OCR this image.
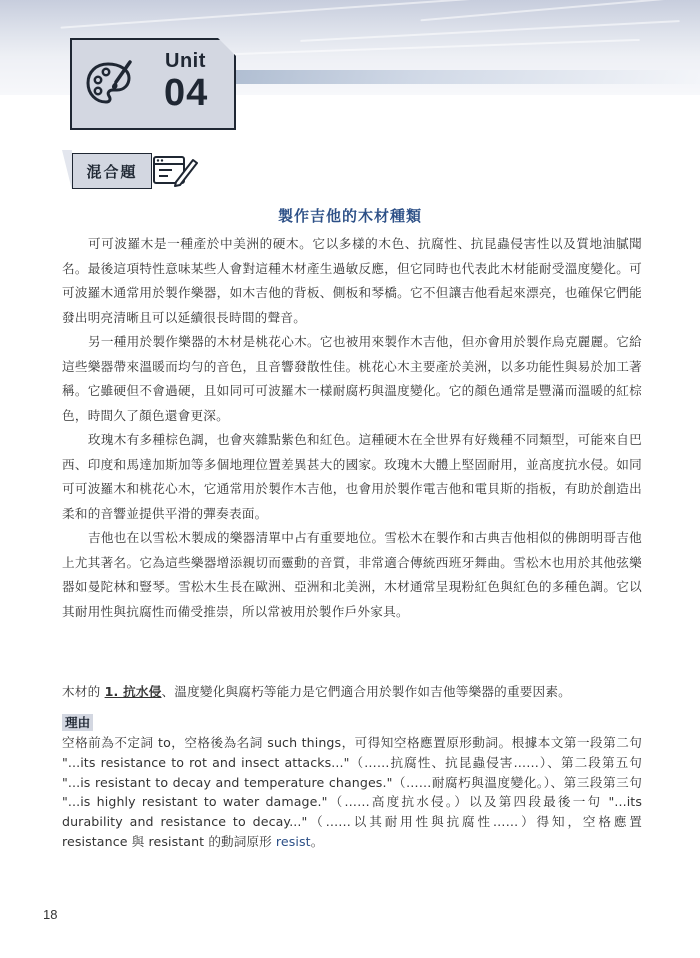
Unit
04
混合題
製作吉他的木材種類

可可波羅木是一種產於中美洲的硬木。它以多樣的木色、抗腐性、抗昆蟲侵害性以及質地油膩聞名。最後這項特性意味某些人會對這種木材產生過敏反應，但它同時也代表此木材能耐受溫度變化。可可波羅木通常用於製作樂器，如木吉他的背板、側板和琴橋。它不但讓吉他看起來漂亮，也確保它們能發出明亮清晰且可以延續很長時間的聲音。

另一種用於製作樂器的木材是桃花心木。它也被用來製作木吉他，但亦會用於製作烏克麗麗。它給這些樂器帶來溫暖而均勻的音色，且音響發散性佳。桃花心木主要產於美洲，以多功能性與易於加工著稱。它雖硬但不會過硬，且如同可可波羅木一樣耐腐朽與溫度變化。它的顏色通常是豐滿而溫暖的紅棕色，時間久了顏色還會更深。

玫瑰木有多種棕色調，也會夾雜點紫色和紅色。這種硬木在全世界有好幾種不同類型，可能來自巴西、印度和馬達加斯加等多個地理位置差異甚大的國家。玫瑰木大體上堅固耐用，並高度抗水侵。如同可可波羅木和桃花心木，它通常用於製作木吉他，也會用於製作電吉他和電貝斯的指板，有助於創造出柔和的音響並提供平滑的彈奏表面。

吉他也在以雪松木製成的樂器清單中占有重要地位。雪松木在製作和古典吉他相似的佛朗明哥吉他上尤其著名。它為這些樂器增添親切而靈動的音質，非常適合傳統西班牙舞曲。雪松木也用於其他弦樂器如曼陀林和豎琴。雪松木生長在歐洲、亞洲和北美洲，木材通常呈現粉紅色與紅色的多種色調。它以其耐用性與抗腐性而備受推崇，所以常被用於製作戶外家具。

木材的 1. 抗水侵、溫度變化與腐朽等能力是它們適合用於製作如吉他等樂器的重要因素。
理由

空格前為不定詞 to，空格後為名詞 such things，可得知空格應置原形動詞。根據本文第一段第二句 "...its resistance to rot and insect attacks..."（……抗腐性、抗昆蟲侵害……）、第二段第五句 "...is resistant to decay and temperature changes."（……耐腐朽與溫度變化。）、第三段第三句 "...is highly resistant to water damage."（……高度抗水侵。）以及第四段最後一句 "...its durability and resistance to decay..."（……以其耐用性與抗腐性……）得知，空格應置 resistance 與 resistant 的動詞原形 resist。

18
